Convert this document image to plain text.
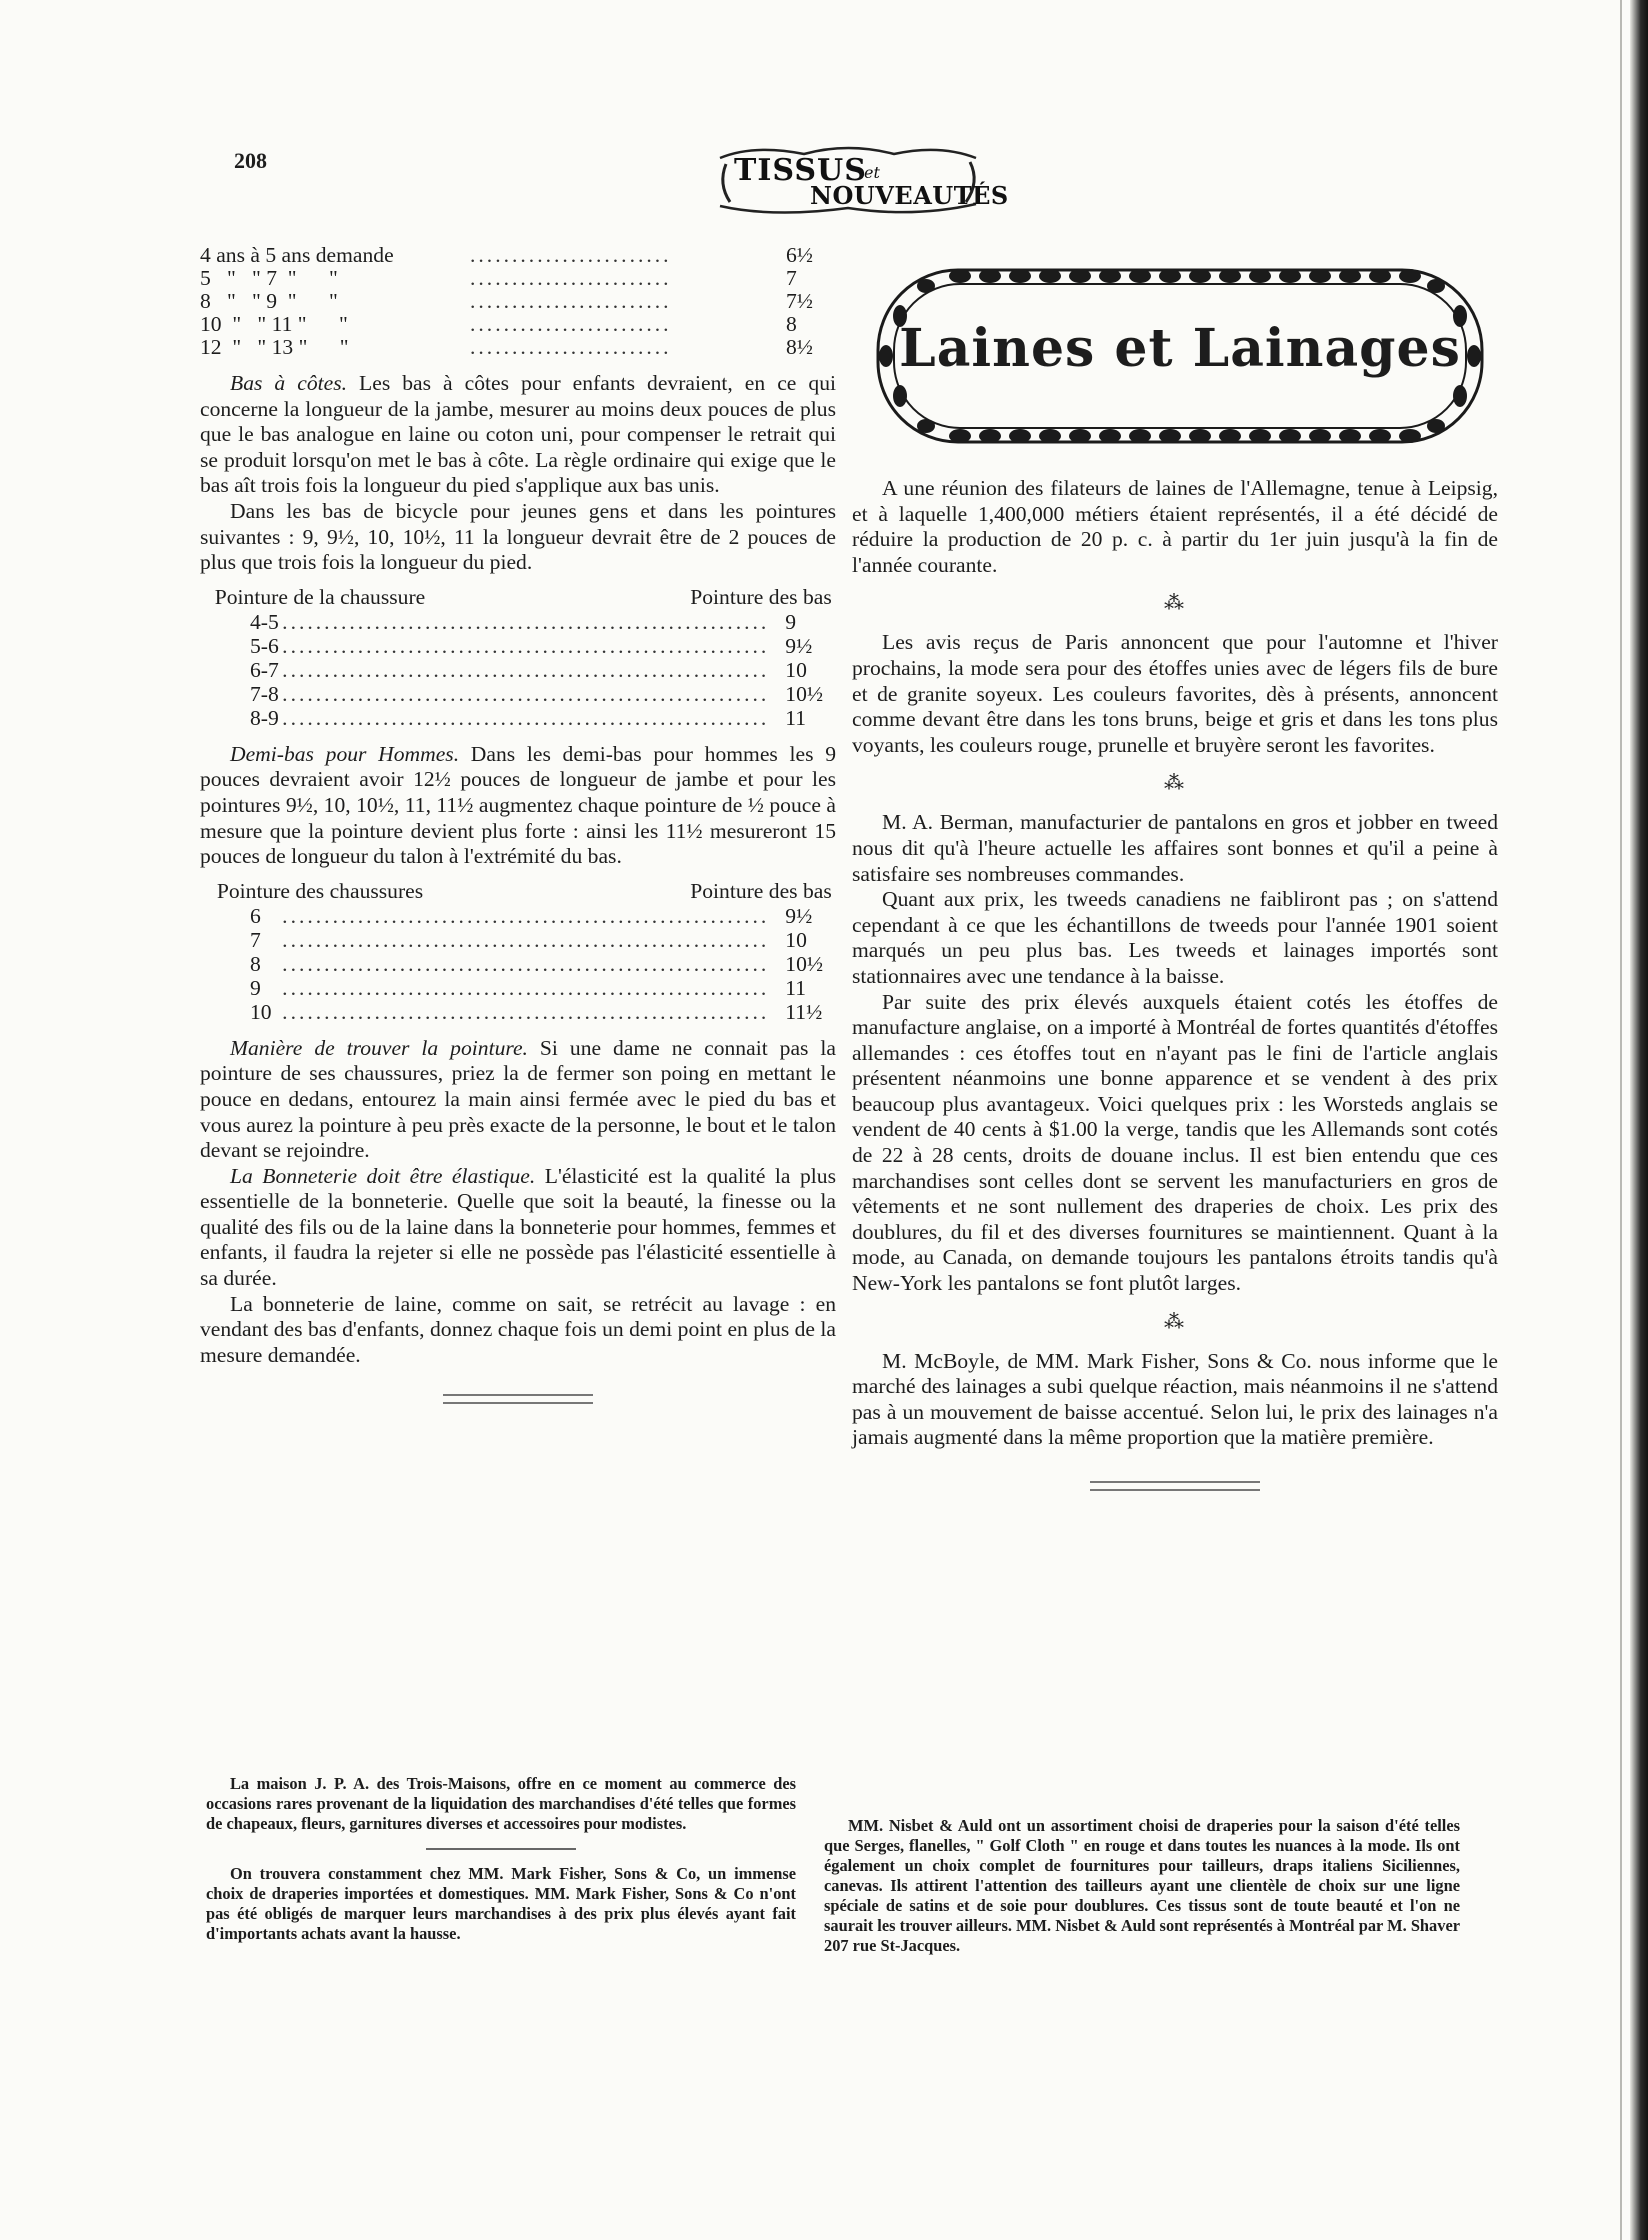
208	TISSUS
et
NOUVEAUTÉS
4 ans à 5 ans demande	........................	6½
5   "   " 7  "      "	........................	7
8   "   " 9  "      "	........................	7½
10  "   " 11 "      "	........................	8
12  "   " 13 "      "	........................	8½

Bas à côtes. Les bas à côtes pour enfants devraient, en ce qui concerne la longueur de la jambe, mesurer au moins deux pouces de plus que le bas analogue en laine ou coton uni, pour compenser le retrait qui se produit lorsqu'on met le bas à côte. La règle ordinaire qui exige que le bas aît trois fois la longueur du pied s'applique aux bas unis.

Dans les bas de bicycle pour jeunes gens et dans les pointures suivantes : 9, 9½, 10, 10½, 11 la longueur devrait être de 2 pouces de plus que trois fois la longueur du pied.

Pointure de la chaussure	Pointure des bas
4-5 .......................................................... 9
5-6 .......................................................... 9½
6-7 .......................................................... 10
7-8 .......................................................... 10½
8-9 .......................................................... 11

Demi-bas pour Hommes. Dans les demi-bas pour hommes les 9 pouces devraient avoir 12½ pouces de longueur de jambe et pour les pointures 9½, 10, 10½, 11, 11½ augmentez chaque pointure de ½ pouce à mesure que la pointure devient plus forte : ainsi les 11½ mesureront 15 pouces de longueur du talon à l'extrémité du bas.

Pointure des chaussures	Pointure des bas
6 .......................................................... 9½
7 .......................................................... 10
8 .......................................................... 10½
9 .......................................................... 11
10 .......................................................... 11½

Manière de trouver la pointure. Si une dame ne connait pas la pointure de ses chaussures, priez la de fermer son poing en mettant le pouce en dedans, entourez la main ainsi fermée avec le pied du bas et vous aurez la pointure à peu près exacte de la personne, le bout et le talon devant se rejoindre.

La Bonneterie doit être élastique. L'élasticité est la qualité la plus essentielle de la bonneterie. Quelle que soit la beauté, la finesse ou la qualité des fils ou de la laine dans la bonneterie pour hommes, femmes et enfants, il faudra la rejeter si elle ne possède pas l'élasticité essentielle à sa durée.

La bonneterie de laine, comme on sait, se retrécit au lavage : en vendant des bas d'enfants, donnez chaque fois un demi point en plus de la mesure demandée.

La maison J. P. A. des Trois-Maisons, offre en ce moment au commerce des occasions rares provenant de la liquidation des marchandises d'été telles que formes de chapeaux, fleurs, garnitures diverses et accessoires pour modistes.

On trouvera constamment chez MM. Mark Fisher, Sons & Co, un immense choix de draperies importées et domestiques. MM. Mark Fisher, Sons & Co n'ont pas été obligés de marquer leurs marchandises à des prix plus élevés ayant fait d'importants achats avant la hausse.

Laines et Lainages

A une réunion des filateurs de laines de l'Allemagne, tenue à Leipsig, et à laquelle 1,400,000 métiers étaient représentés, il a été décidé de réduire la production de 20 p. c. à partir du 1er juin jusqu'à la fin de l'année courante.

⁂

Les avis reçus de Paris annoncent que pour l'automne et l'hiver prochains, la mode sera pour des étoffes unies avec de légers fils de bure et de granite soyeux. Les couleurs favorites, dès à présents, annoncent comme devant être dans les tons bruns, beige et gris et dans les tons plus voyants, les couleurs rouge, prunelle et bruyère seront les favorites.

⁂

M. A. Berman, manufacturier de pantalons en gros et jobber en tweed nous dit qu'à l'heure actuelle les affaires sont bonnes et qu'il a peine à satisfaire ses nombreuses commandes.

Quant aux prix, les tweeds canadiens ne faibliront pas ; on s'attend cependant à ce que les échantillons de tweeds pour l'année 1901 soient marqués un peu plus bas. Les tweeds et lainages importés sont stationnaires avec une tendance à la baisse.

Par suite des prix élevés auxquels étaient cotés les étoffes de manufacture anglaise, on a importé à Montréal de fortes quantités d'étoffes allemandes : ces étoffes tout en n'ayant pas le fini de l'article anglais présentent néanmoins une bonne apparence et se vendent à des prix beaucoup plus avantageux. Voici quelques prix : les Worsteds anglais se vendent de 40 cents à $1.00 la verge, tandis que les Allemands sont cotés de 22 à 28 cents, droits de douane inclus. Il est bien entendu que ces marchandises sont celles dont se servent les manufacturiers en gros de vêtements et ne sont nullement des draperies de choix. Les prix des doublures, du fil et des diverses fournitures se maintiennent. Quant à la mode, au Canada, on demande toujours les pantalons étroits tandis qu'à New-York les pantalons se font plutôt larges.

⁂

M. McBoyle, de MM. Mark Fisher, Sons & Co. nous informe que le marché des lainages a subi quelque réaction, mais néanmoins il ne s'attend pas à un mouvement de baisse accentué. Selon lui, le prix des lainages n'a jamais augmenté dans la même proportion que la matière première.

MM. Nisbet & Auld ont un assortiment choisi de draperies pour la saison d'été telles que Serges, flanelles, " Golf Cloth " en rouge et dans toutes les nuances à la mode. Ils ont également un choix complet de fournitures pour tailleurs, draps italiens Siciliennes, canevas. Ils attirent l'attention des tailleurs ayant une clientèle de choix sur une ligne spéciale de satins et de soie pour doublures. Ces tissus sont de toute beauté et l'on ne saurait les trouver ailleurs. MM. Nisbet & Auld sont représentés à Montréal par M. Shaver 207 rue St-Jacques.
